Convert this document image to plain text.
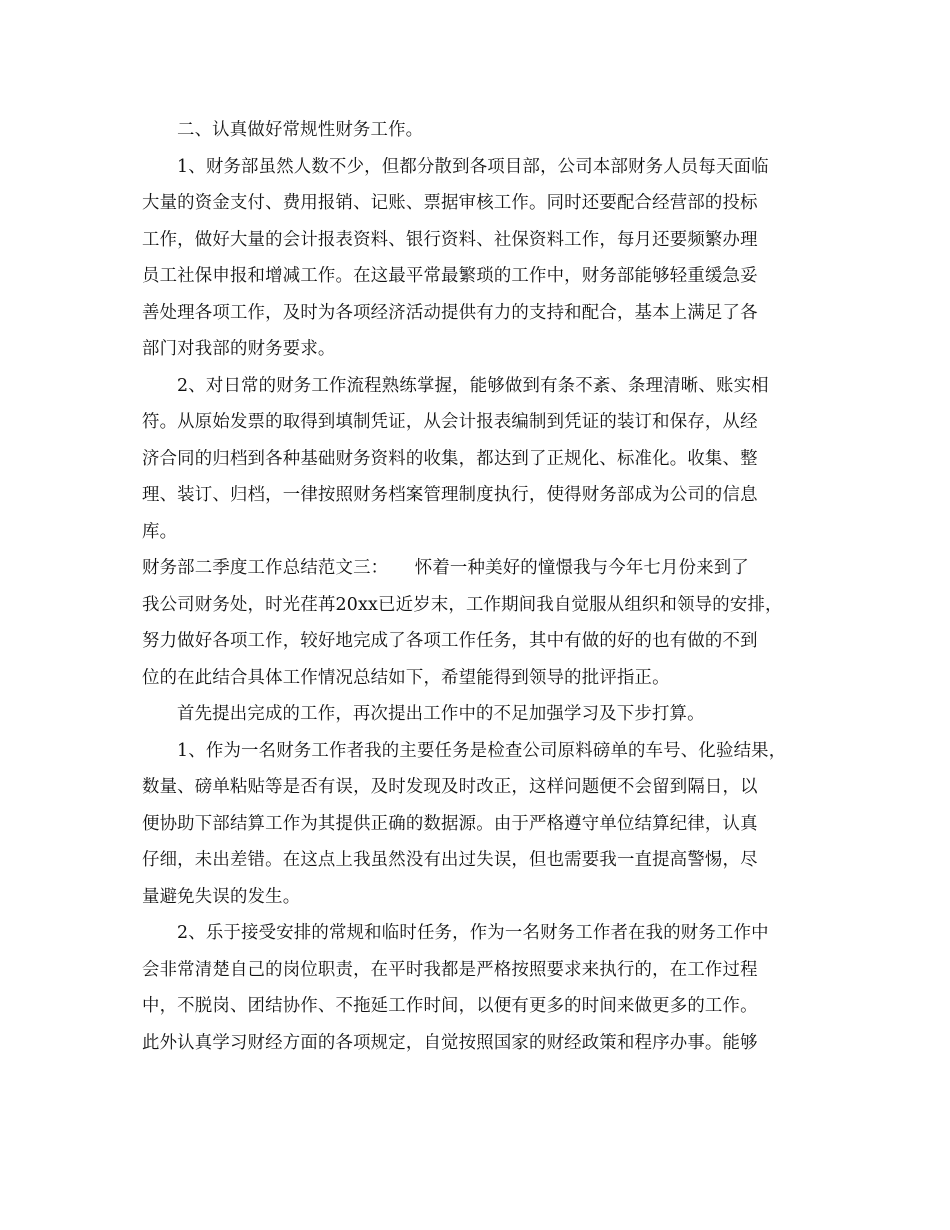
二、认真做好常规性财务工作。
1、财务部虽然人数不少，但都分散到各项目部，公司本部财务人员每天面临
大量的资金支付、费用报销、记账、票据审核工作。同时还要配合经营部的投标
工作，做好大量的会计报表资料、银行资料、社保资料工作，每月还要频繁办理
员工社保申报和增减工作。在这最平常最繁琐的工作中，财务部能够轻重缓急妥
善处理各项工作，及时为各项经济活动提供有力的支持和配合，基本上满足了各
部门对我部的财务要求。
2、对日常的财务工作流程熟练掌握，能够做到有条不紊、条理清晰、账实相
符。从原始发票的取得到填制凭证，从会计报表编制到凭证的装订和保存，从经
济合同的归档到各种基础财务资料的收集，都达到了正规化、标准化。收集、整
理、装订、归档，一律按照财务档案管理制度执行，使得财务部成为公司的信息
库。
财务部二季度工作总结范文三：　　怀着一种美好的憧憬我与今年七月份来到了
我公司财务处，时光荏苒20xx已近岁末，工作期间我自觉服从组织和领导的安排，
努力做好各项工作，较好地完成了各项工作任务，其中有做的好的也有做的不到
位的在此结合具体工作情况总结如下，希望能得到领导的批评指正。
首先提出完成的工作，再次提出工作中的不足加强学习及下步打算。
1、作为一名财务工作者我的主要任务是检查公司原料磅单的车号、化验结果，
数量、磅单粘贴等是否有误，及时发现及时改正，这样问题便不会留到隔日，以
便协助下部结算工作为其提供正确的数据源。由于严格遵守单位结算纪律，认真
仔细，未出差错。在这点上我虽然没有出过失误，但也需要我一直提高警惕，尽
量避免失误的发生。
2、乐于接受安排的常规和临时任务，作为一名财务工作者在我的财务工作中
会非常清楚自己的岗位职责，在平时我都是严格按照要求来执行的，在工作过程
中，不脱岗、团结协作、不拖延工作时间，以便有更多的时间来做更多的工作。
此外认真学习财经方面的各项规定，自觉按照国家的财经政策和程序办事。能够
